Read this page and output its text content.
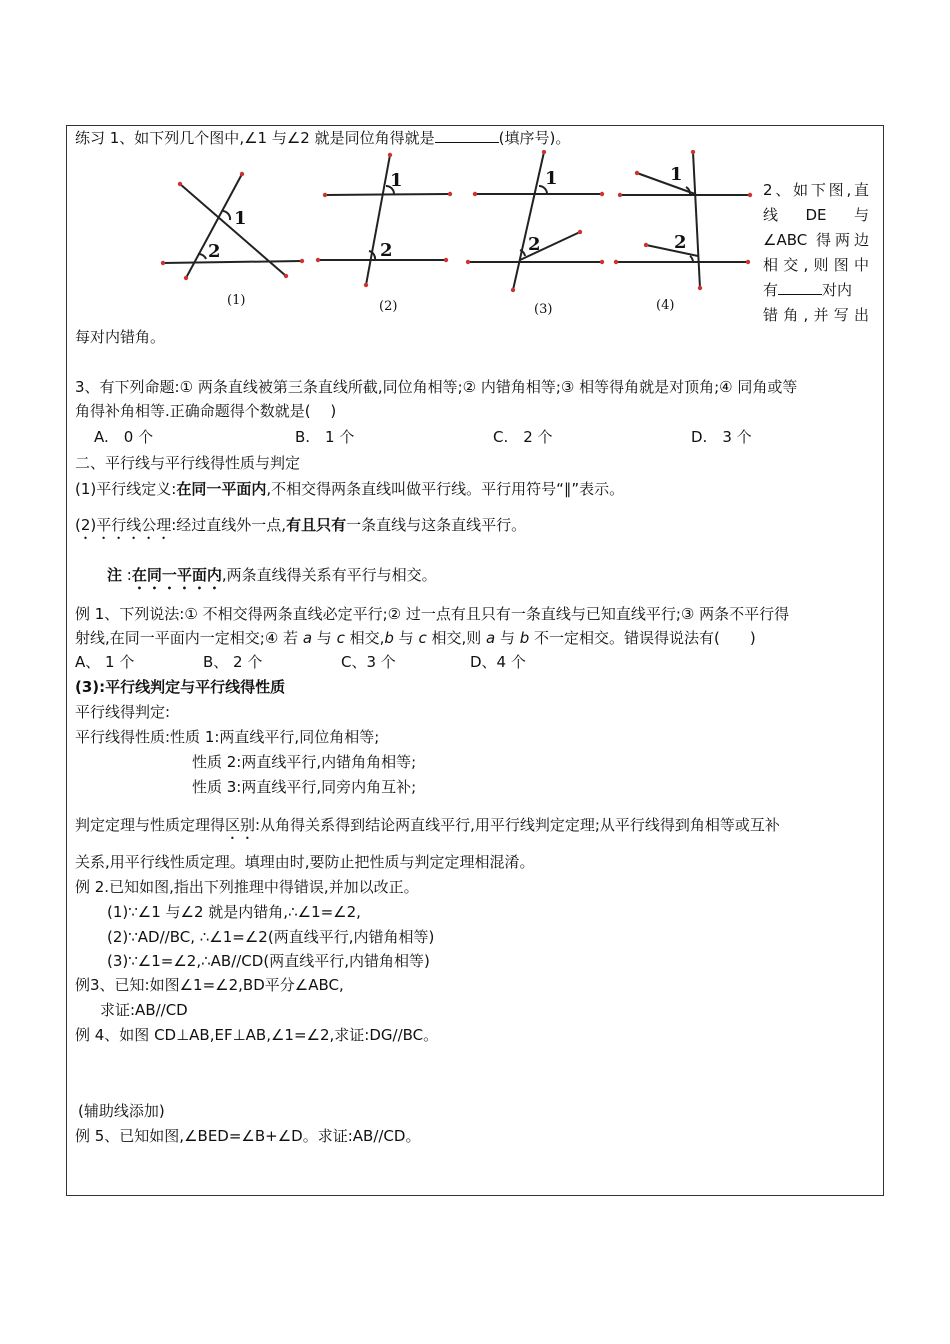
练习 1、如下列几个图中,∠1 与∠2 就是同位角得就是	(填序号)。
1
2
1
2
1
2
1
2
(1)	(2)	(3)	(4)
2、如下图,直
线　DE　与
∠ABC 得两边
相交,则图中
有	对内
错角,并写出
每对内错角。
3、有下列命题:① 两条直线被第三条直线所截,同位角相等;② 内错角相等;③ 相等得角就是对顶角;④ 同角或等
角得补角相等.正确命题得个数就是(　 )
A.　0 个	B.　1 个	C.　2 个	D.　3 个
二、平行线与平行线得性质与判定
(1)平行线定义:在同一平面内,不相交得两条直线叫做平行线。平行用符号“∥”表示。
(2)平行线公理:经过直线外一点,有且只有一条直线与这条直线平行。
注 :在同一平面内,两条直线得关系有平行与相交。
例 1、下列说法:① 不相交得两条直线必定平行;② 过一点有且只有一条直线与已知直线平行;③ 两条不平行得
射线,在同一平面内一定相交;④ 若 a 与 c 相交,b 与 c 相交,则 a 与 b 不一定相交。错误得说法有(　　)
A、 1 个	B、 2 个	C、3 个	D、4 个
(3):平行线判定与平行线得性质
平行线得判定:
平行线得性质:性质 1:两直线平行,同位角相等;
性质 2:两直线平行,内错角角相等;
性质 3:两直线平行,同旁内角互补;
判定定理与性质定理得区别:从角得关系得到结论两直线平行,用平行线判定定理;从平行线得到角相等或互补
关系,用平行线性质定理。填理由时,要防止把性质与判定定理相混淆。
例 2.已知如图,指出下列推理中得错误,并加以改正。
(1)∵∠1 与∠2 就是内错角,∴∠1=∠2,
(2)∵AD//BC, ∴∠1=∠2(两直线平行,内错角相等)
(3)∵∠1=∠2,∴AB//CD(两直线平行,内错角相等)
例3、已知:如图∠1=∠2,BD平分∠ABC,
求证:AB//CD
例 4、如图 CD⊥AB,EF⊥AB,∠1=∠2,求证:DG//BC。
(辅助线添加)
例 5、已知如图,∠BED=∠B+∠D。求证:AB//CD。
